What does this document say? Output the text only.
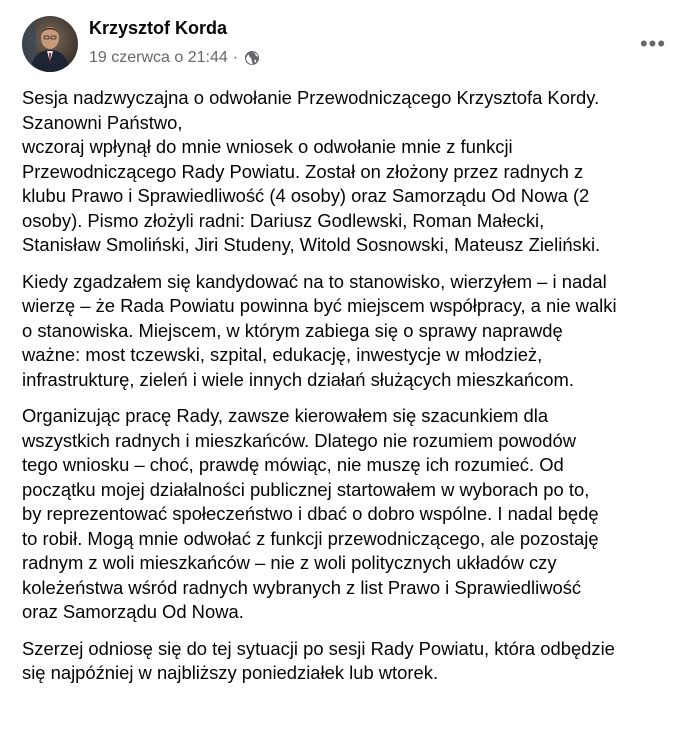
Krzysztof Korda
19 czerwca o 21:44 ·
•••

Sesja nadzwyczajna o odwołanie Przewodniczącego Krzysztofa Kordy.
Szanowni Państwo,
wczoraj wpłynął do mnie wniosek o odwołanie mnie z funkcji
Przewodniczącego Rady Powiatu. Został on złożony przez radnych z
klubu Prawo i Sprawiedliwość (4 osoby) oraz Samorządu Od Nowa (2
osoby). Pismo złożyli radni: Dariusz Godlewski, Roman Małecki,
Stanisław Smoliński, Jiri Studeny, Witold Sosnowski, Mateusz Zieliński.

Kiedy zgadzałem się kandydować na to stanowisko, wierzyłem – i nadal
wierzę – że Rada Powiatu powinna być miejscem współpracy, a nie walki
o stanowiska. Miejscem, w którym zabiega się o sprawy naprawdę
ważne: most tczewski, szpital, edukację, inwestycje w młodzież,
infrastrukturę, zieleń i wiele innych działań służących mieszkańcom.

Organizując pracę Rady, zawsze kierowałem się szacunkiem dla
wszystkich radnych i mieszkańców. Dlatego nie rozumiem powodów
tego wniosku – choć, prawdę mówiąc, nie muszę ich rozumieć. Od
początku mojej działalności publicznej startowałem w wyborach po to,
by reprezentować społeczeństwo i dbać o dobro wspólne. I nadal będę
to robił. Mogą mnie odwołać z funkcji przewodniczącego, ale pozostaję
radnym z woli mieszkańców – nie z woli politycznych układów czy
koleżeństwa wśród radnych wybranych z list Prawo i Sprawiedliwość
oraz Samorządu Od Nowa.

Szerzej odniosę się do tej sytuacji po sesji Rady Powiatu, która odbędzie
się najpóźniej w najbliższy poniedziałek lub wtorek.
